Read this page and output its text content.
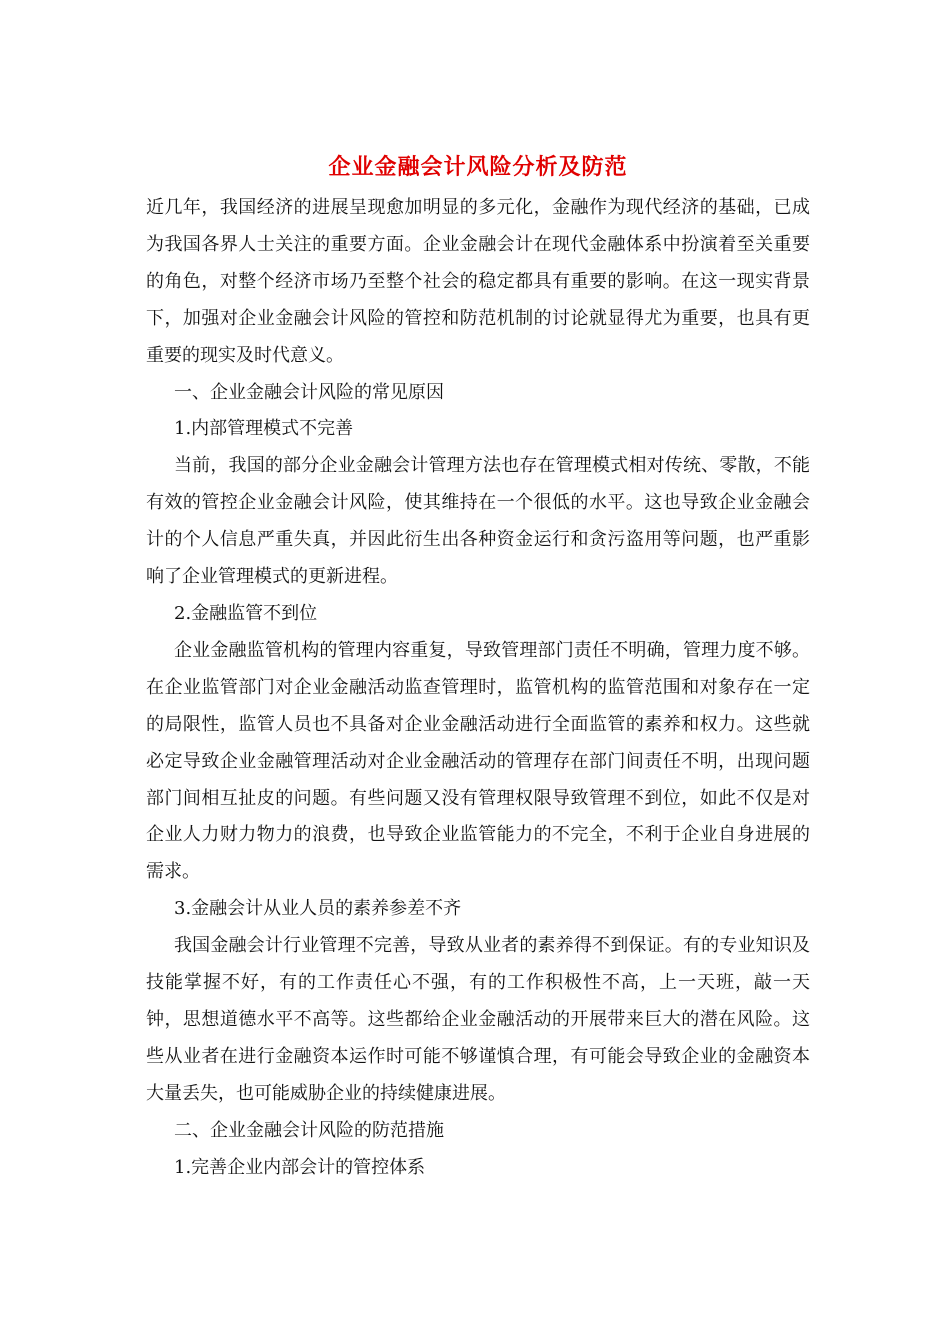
企业金融会计风险分析及防范

近几年，我国经济的进展呈现愈加明显的多元化，金融作为现代经济的基础，已成为我国各界人士关注的重要方面。企业金融会计在现代金融体系中扮演着至关重要的角色，对整个经济市场乃至整个社会的稳定都具有重要的影响。在这一现实背景下，加强对企业金融会计风险的管控和防范机制的讨论就显得尤为重要，也具有更重要的现实及时代意义。

一、企业金融会计风险的常见原因

1.内部管理模式不完善

当前，我国的部分企业金融会计管理方法也存在管理模式相对传统、零散，不能有效的管控企业金融会计风险，使其维持在一个很低的水平。这也导致企业金融会计的个人信息严重失真，并因此衍生出各种资金运行和贪污盗用等问题，也严重影响了企业管理模式的更新进程。

2.金融监管不到位

企业金融监管机构的管理内容重复，导致管理部门责任不明确，管理力度不够。在企业监管部门对企业金融活动监查管理时，监管机构的监管范围和对象存在一定的局限性，监管人员也不具备对企业金融活动进行全面监管的素养和权力。这些就必定导致企业金融管理活动对企业金融活动的管理存在部门间责任不明，出现问题部门间相互扯皮的问题。有些问题又没有管理权限导致管理不到位，如此不仅是对企业人力财力物力的浪费，也导致企业监管能力的不完全，不利于企业自身进展的需求。

3.金融会计从业人员的素养参差不齐

我国金融会计行业管理不完善，导致从业者的素养得不到保证。有的专业知识及技能掌握不好，有的工作责任心不强，有的工作积极性不高，上一天班，敲一天钟，思想道德水平不高等。这些都给企业金融活动的开展带来巨大的潜在风险。这些从业者在进行金融资本运作时可能不够谨慎合理，有可能会导致企业的金融资本大量丢失，也可能威胁企业的持续健康进展。

二、企业金融会计风险的防范措施

1.完善企业内部会计的管控体系
